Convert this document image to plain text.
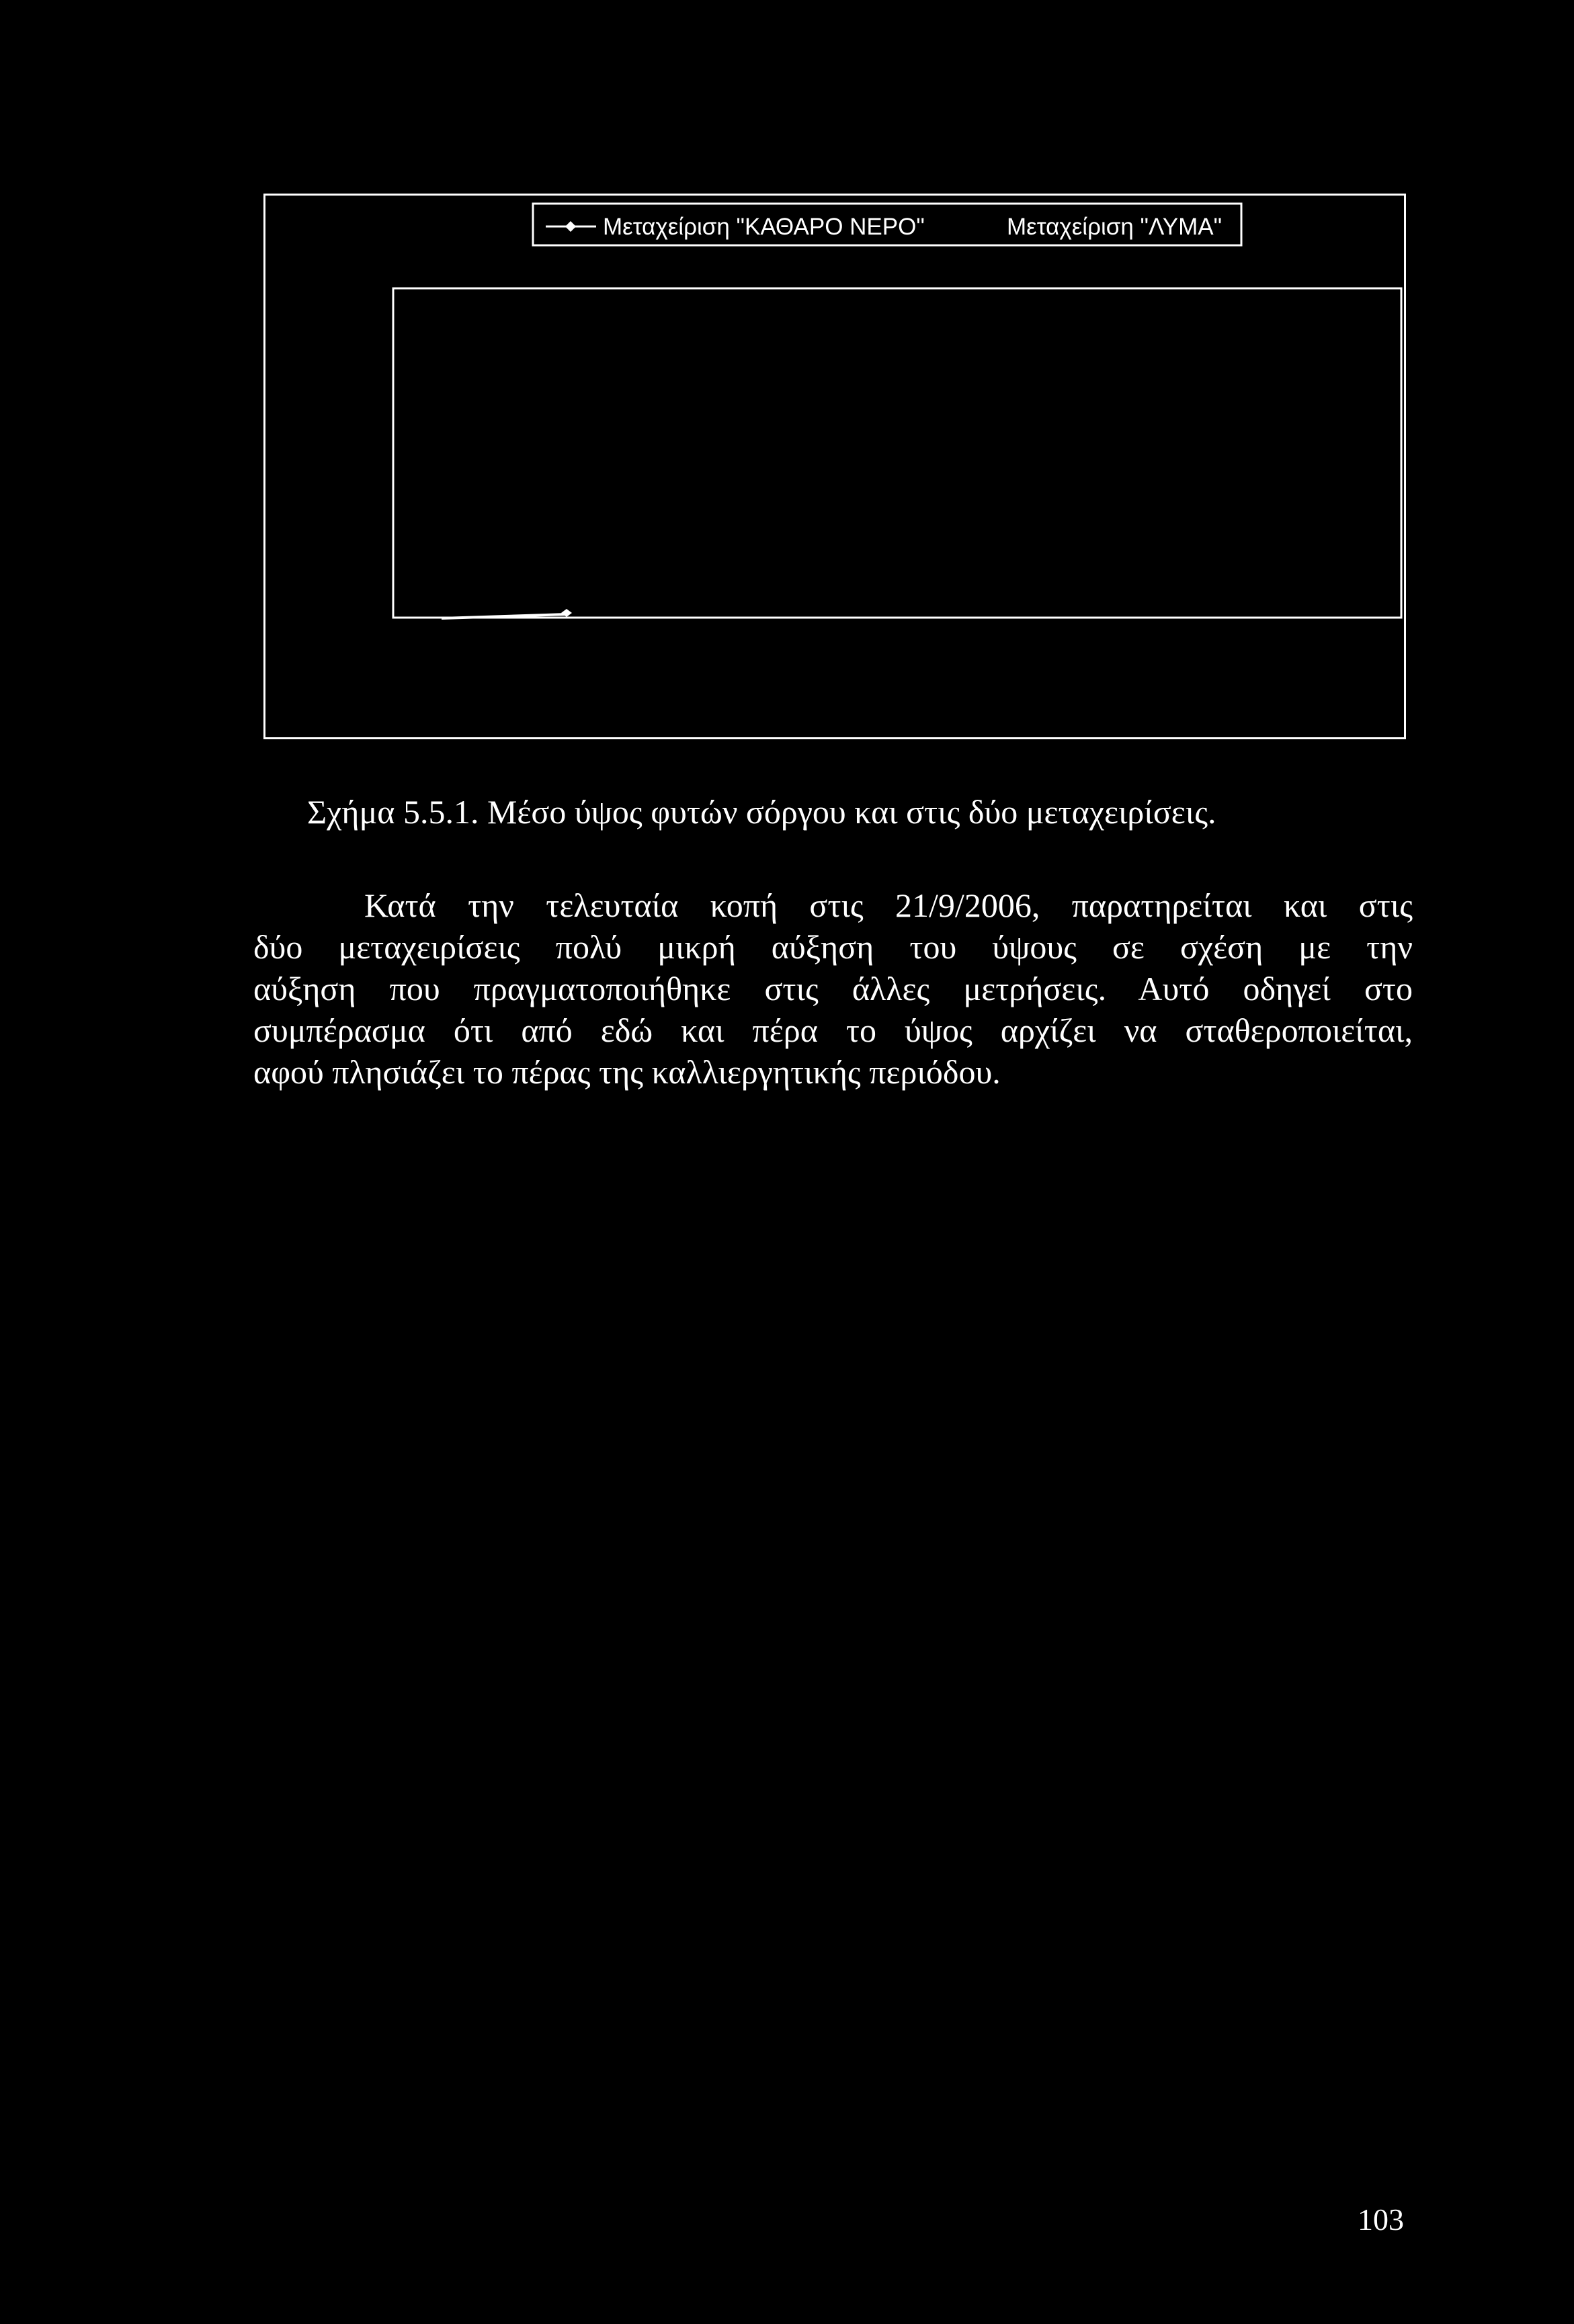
Μεταχείριση "ΚΑΘΑΡΟ ΝΕΡΟ"	Μεταχείριση "ΛΥΜΑ"
Σχήμα 5.5.1. Μέσο ύψος φυτών σόργου και στις δύο μεταχειρίσεις.
Κατά την τελευταία κοπή στις 21/9/2006, παρατηρείται και στις
δύο μεταχειρίσεις πολύ μικρή αύξηση του ύψους σε σχέση με την
αύξηση που πραγματοποιήθηκε στις άλλες μετρήσεις. Αυτό οδηγεί στο
συμπέρασμα ότι από εδώ και πέρα το ύψος αρχίζει να σταθεροποιείται,
αφού πλησιάζει το πέρας της καλλιεργητικής περιόδου.
103
